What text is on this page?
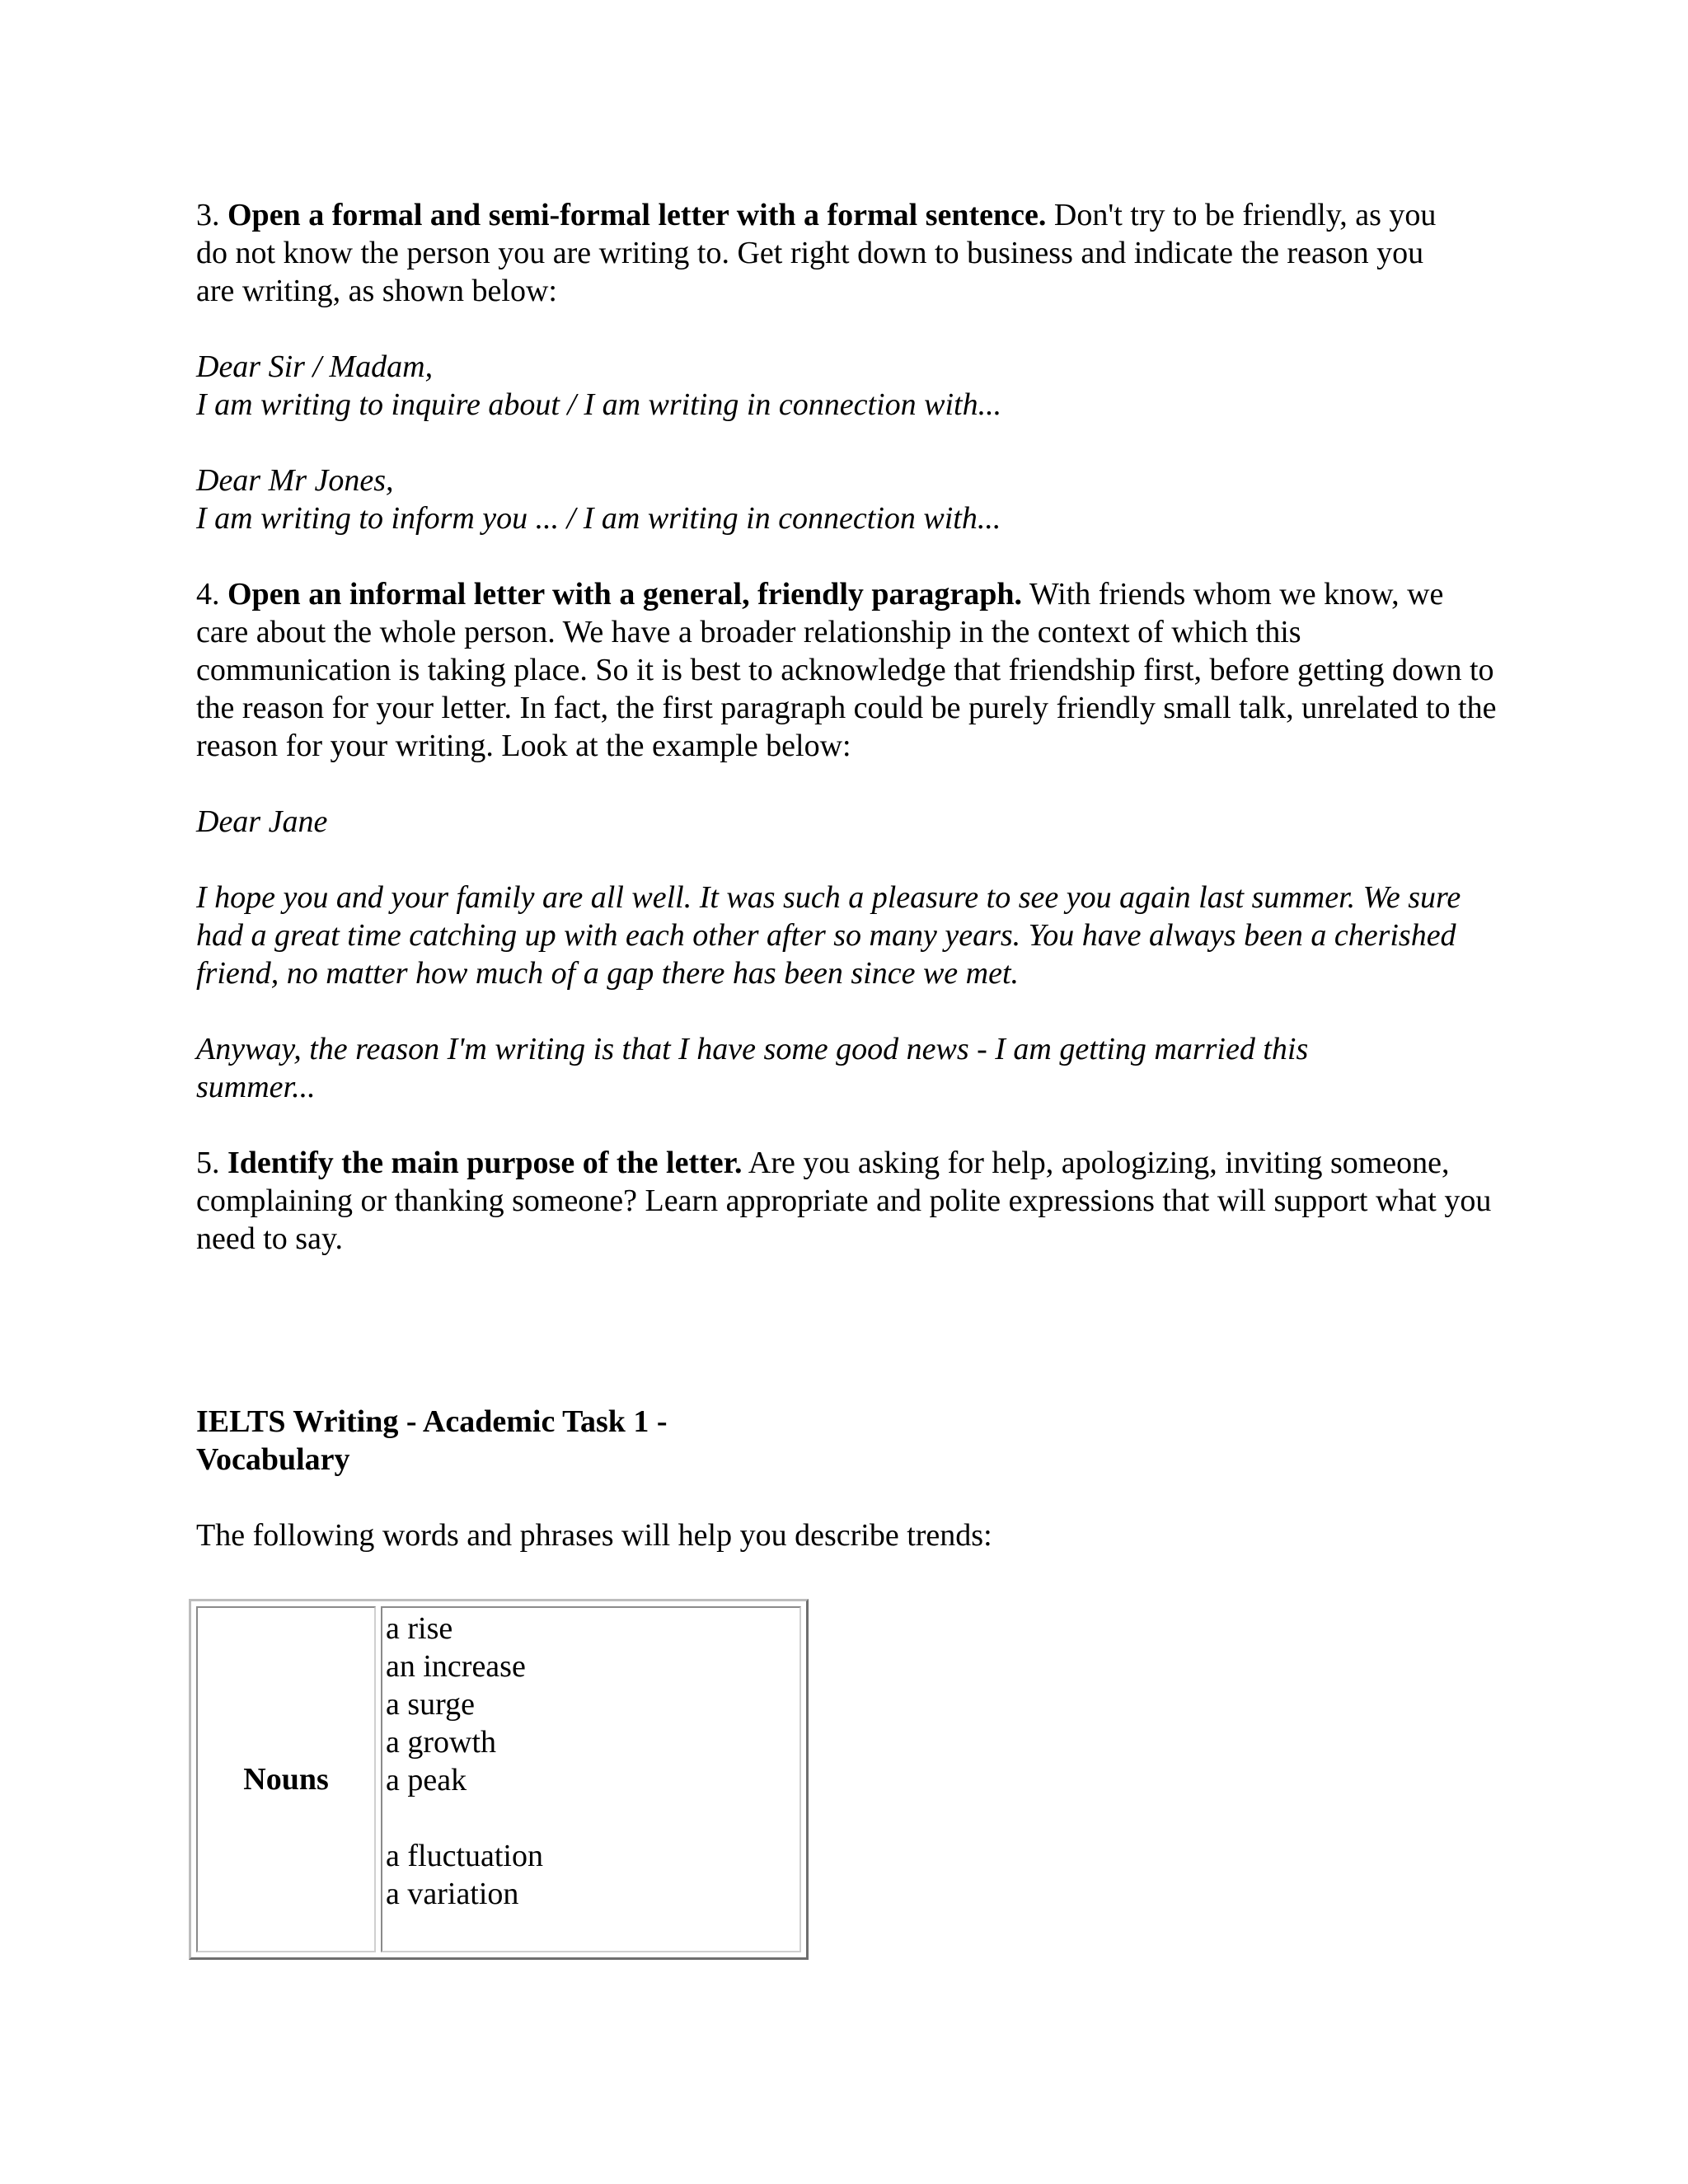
3. Open a formal and semi-formal letter with a formal sentence. Don't try to be friendly, as you do not know the person you are writing to. Get right down to business and indicate the reason you are writing, as shown below:

Dear Sir / Madam,
I am writing to inquire about / I am writing in connection with...

Dear Mr Jones,
I am writing to inform you ... / I am writing in connection with...

4. Open an informal letter with a general, friendly paragraph. With friends whom we know, we care about the whole person. We have a broader relationship in the context of which this communication is taking place. So it is best to acknowledge that friendship first, before getting down to the reason for your letter. In fact, the first paragraph could be purely friendly small talk, unrelated to the reason for your writing. Look at the example below:

Dear Jane

I hope you and your family are all well. It was such a pleasure to see you again last summer. We sure had a great time catching up with each other after so many years. You have always been a cherished friend, no matter how much of a gap there has been since we met.

Anyway, the reason I'm writing is that I have some good news - I am getting married this summer...

5. Identify the main purpose of the letter. Are you asking for help, apologizing, inviting someone, complaining or thanking someone? Learn appropriate and polite expressions that will support what you need to say.

IELTS Writing - Academic Task 1 -
Vocabulary

The following words and phrases will help you describe trends:

Nouns
a rise
an increase
a surge
a growth
a peak
a fluctuation
a variation
